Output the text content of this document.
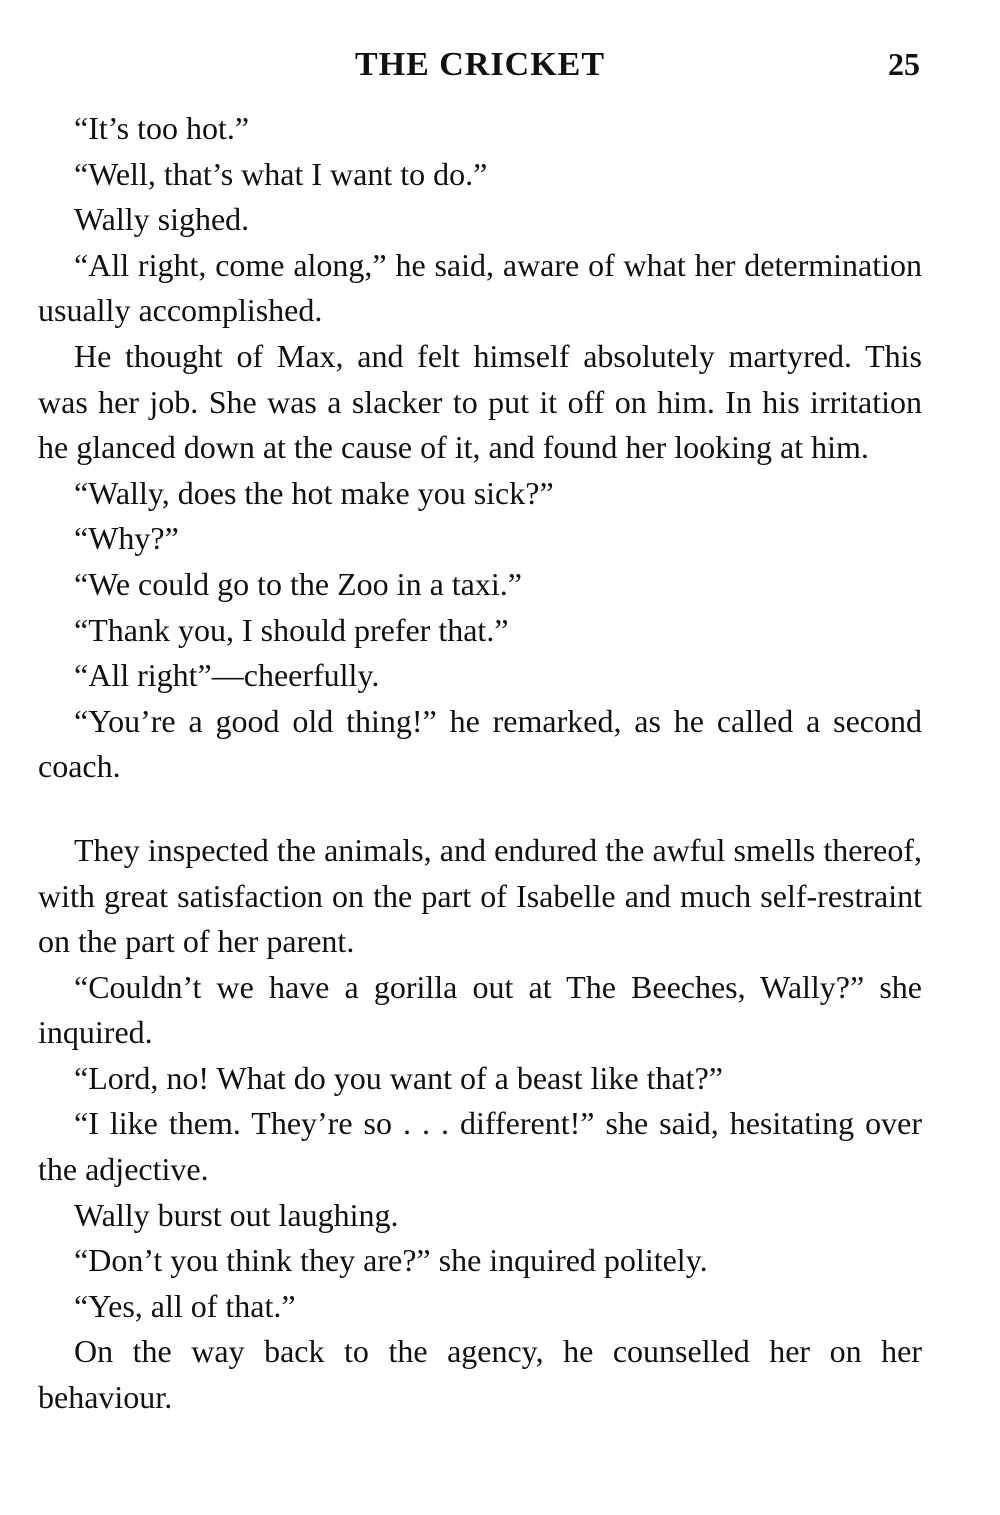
THE CRICKET	25

“It’s too hot.”

“Well, that’s what I want to do.”

Wally sighed.

“All right, come along,” he said, aware of what her determination usually accomplished.

He thought of Max, and felt himself absolutely martyred. This was her job. She was a slacker to put it off on him. In his irritation he glanced down at the cause of it, and found her looking at him.

“Wally, does the hot make you sick?”

“Why?”

“We could go to the Zoo in a taxi.”

“Thank you, I should prefer that.”

“All right”—cheerfully.

“You’re a good old thing!” he remarked, as he called a second coach.

They inspected the animals, and endured the awful smells thereof, with great satisfaction on the part of Isabelle and much self-restraint on the part of her parent.

“Couldn’t we have a gorilla out at The Beeches, Wally?” she inquired.

“Lord, no! What do you want of a beast like that?”

“I like them. They’re so . . . different!” she said, hesitating over the adjective.

Wally burst out laughing.

“Don’t you think they are?” she inquired politely.

“Yes, all of that.”

On the way back to the agency, he counselled her on her behaviour.
